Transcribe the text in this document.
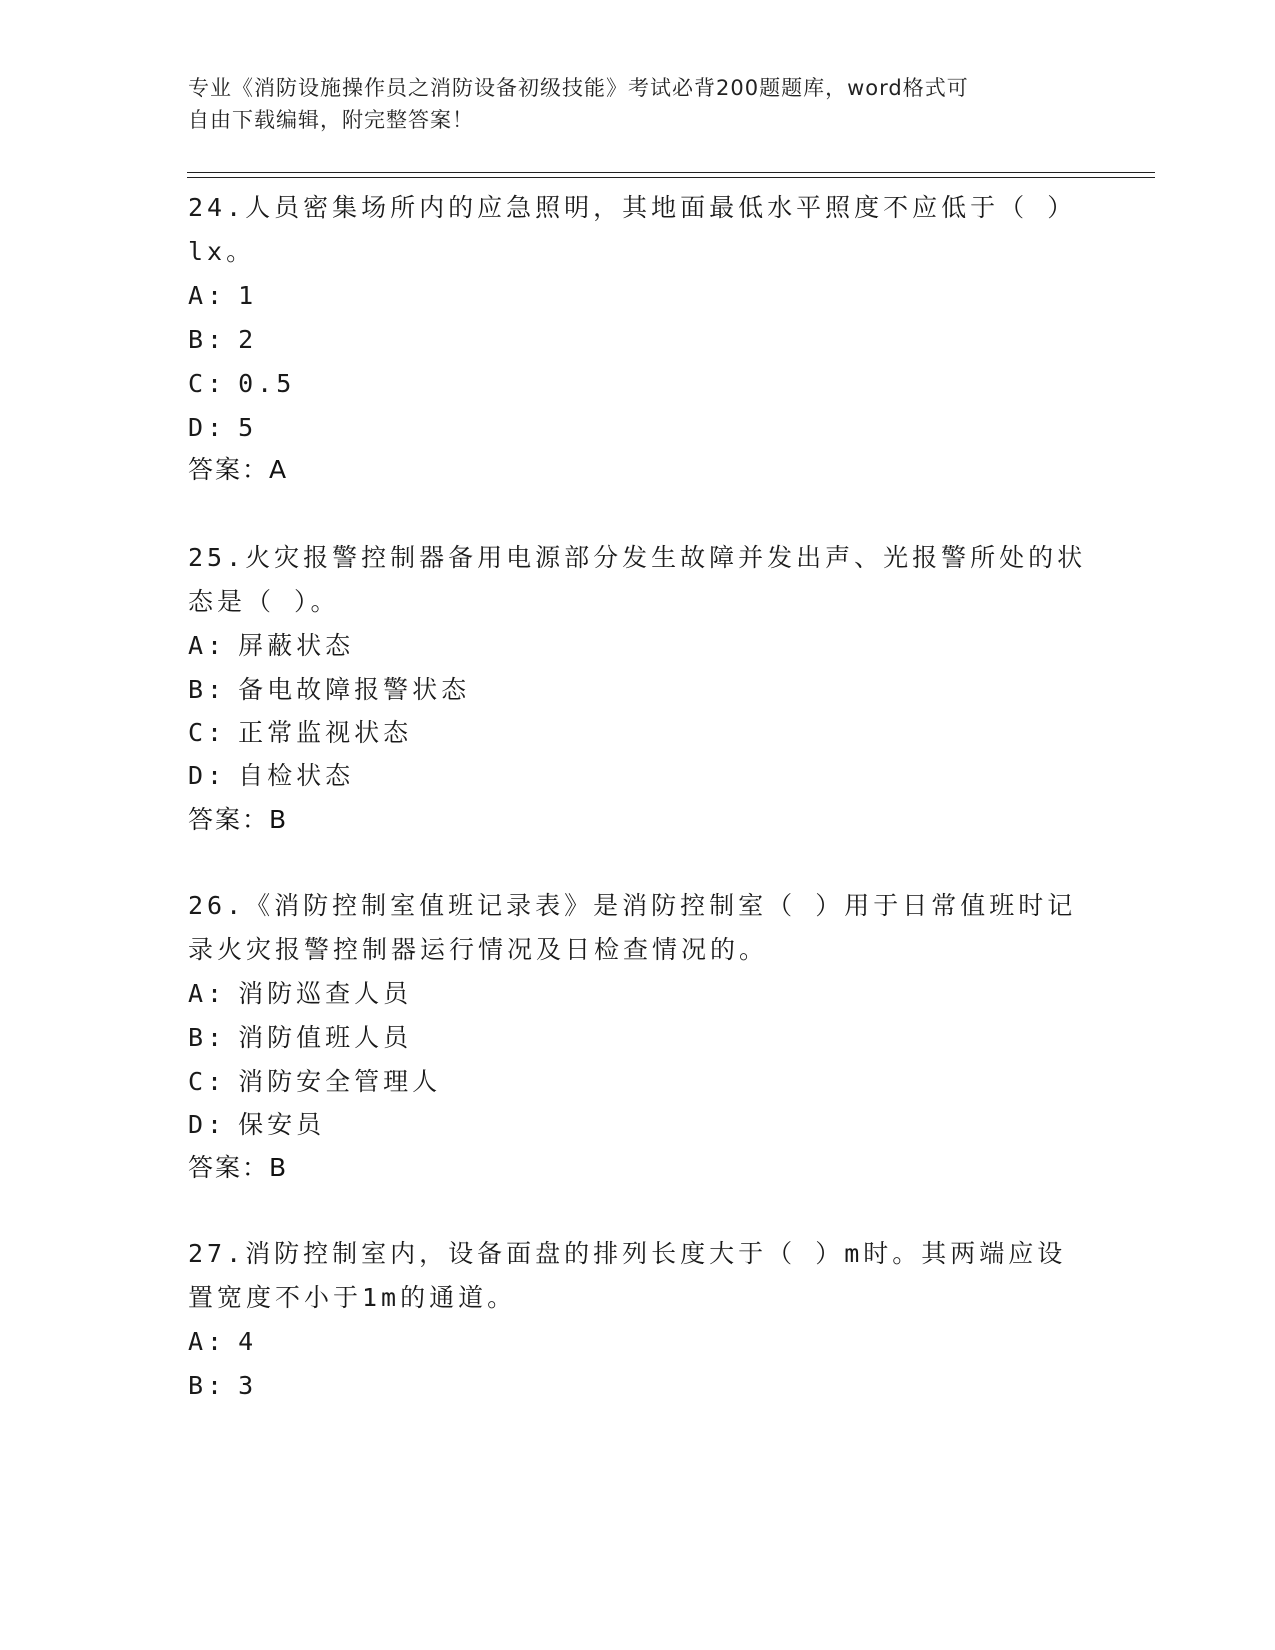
专业《消防设施操作员之消防设备初级技能》考试必背200题题库，word格式可
自由下载编辑，附完整答案！
24.人员密集场所内的应急照明，其地面最低水平照度不应低于（ ）
lx。
A: 1
B: 2
C: 0.5
D: 5
答案：A
25.火灾报警控制器备用电源部分发生故障并发出声、光报警所处的状
态是（ ）。
A: 屏蔽状态
B: 备电故障报警状态
C: 正常监视状态
D: 自检状态
答案：B
26.《消防控制室值班记录表》是消防控制室（ ）用于日常值班时记
录火灾报警控制器运行情况及日检查情况的。
A: 消防巡查人员
B: 消防值班人员
C: 消防安全管理人
D: 保安员
答案：B
27.消防控制室内，设备面盘的排列长度大于（ ）m时。其两端应设
置宽度不小于1m的通道。
A: 4
B: 3
